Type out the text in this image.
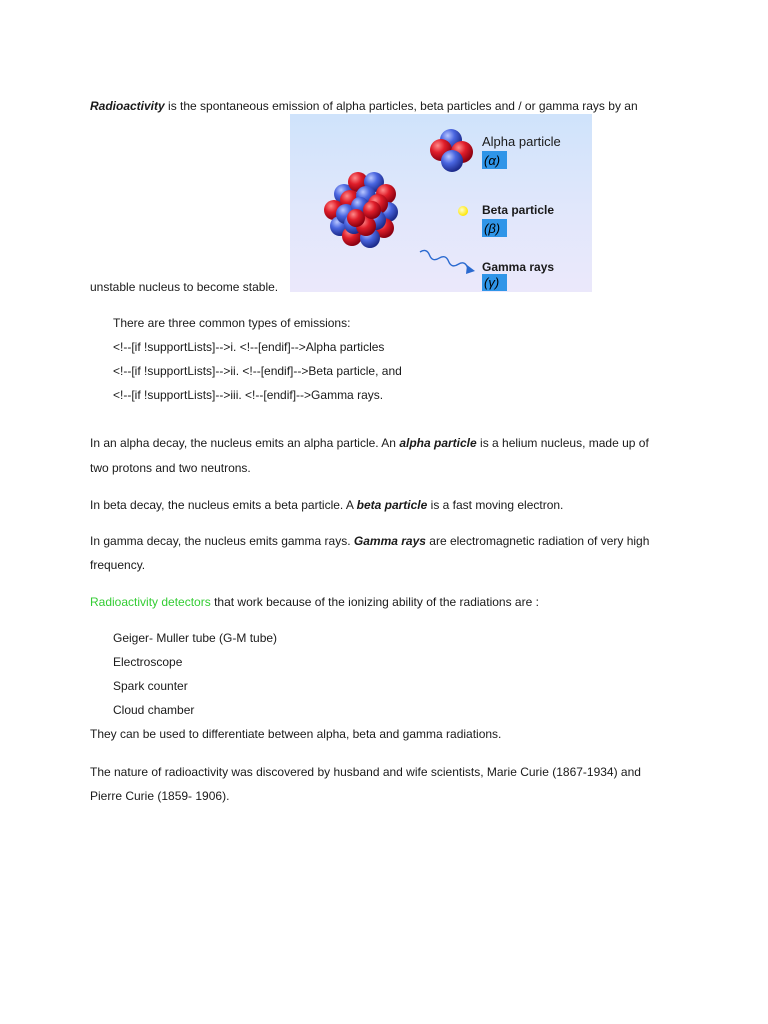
Radioactivity is the spontaneous emission of alpha particles, beta particles and / or gamma rays by an
Alpha particle
(α)
Beta particle
(β)
Gamma rays
(γ)
unstable nucleus to become stable.
There are three common types of emissions:
<!--[if !supportLists]-->i. <!--[endif]-->Alpha particles
<!--[if !supportLists]-->ii. <!--[endif]-->Beta particle, and
<!--[if !supportLists]-->iii. <!--[endif]-->Gamma rays.
In an alpha decay, the nucleus emits an alpha particle. An alpha particle is a helium nucleus, made up of
two protons and two neutrons.
In beta decay, the nucleus emits a beta particle. A beta particle is a fast moving electron.
In gamma decay, the nucleus emits gamma rays. Gamma rays are electromagnetic radiation of very high
frequency.
Radioactivity detectors that work because of the ionizing ability of the radiations are :
Geiger- Muller tube (G-M tube)
Electroscope
Spark counter
Cloud chamber
They can be used to differentiate between alpha, beta and gamma radiations.
The nature of radioactivity was discovered by husband and wife scientists, Marie Curie (1867-1934) and
Pierre Curie (1859- 1906).
